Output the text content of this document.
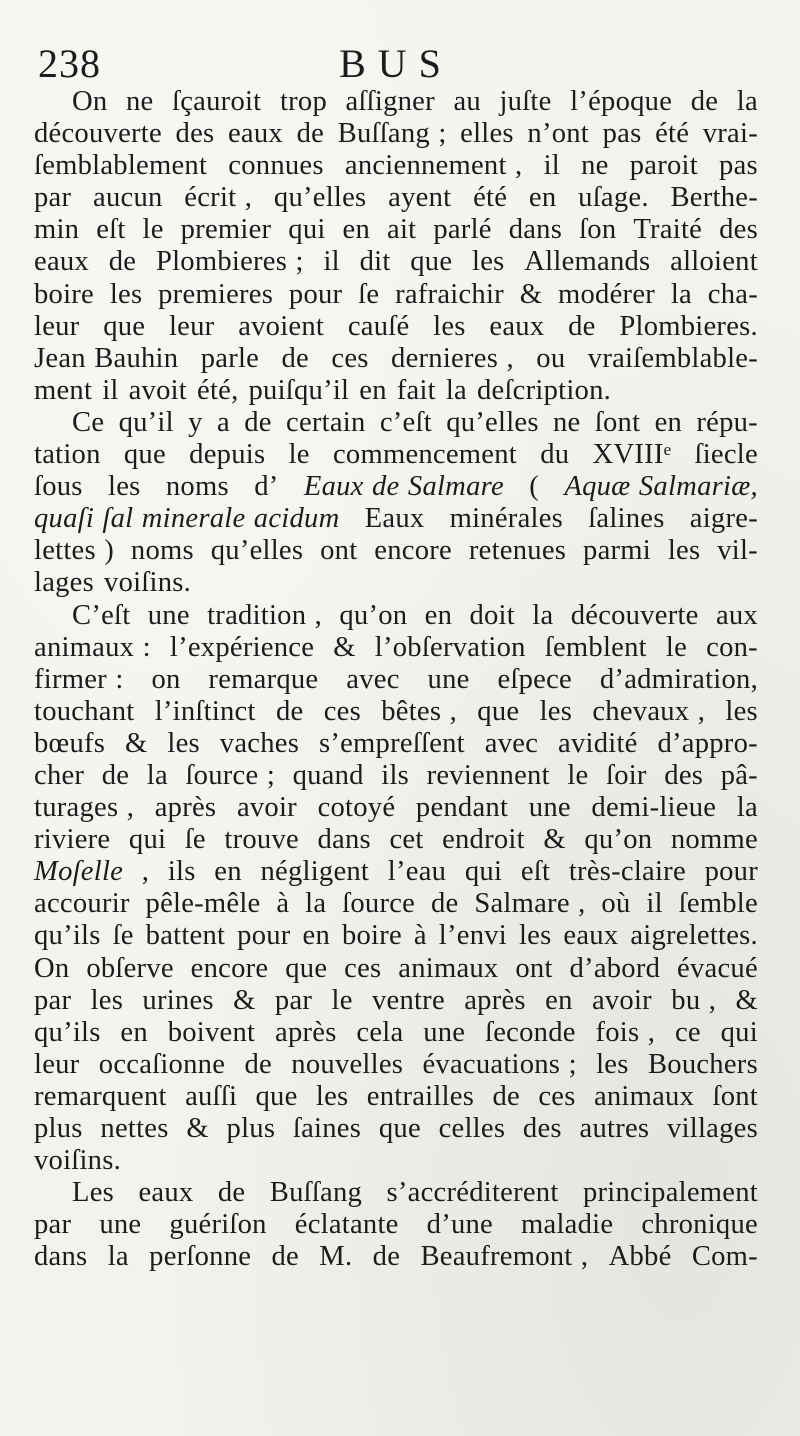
238	BUS
On ne ſçauroit trop aſſigner au juſte l’époque de la
découverte des eaux de Buſſang ; elles n’ont pas été vrai-
ſemblablement connues anciennement , il ne paroit pas
par aucun écrit , qu’elles ayent été en uſage. Berthe-
min eſt le premier qui en ait parlé dans ſon Traité des
eaux de Plombieres ; il dit que les Allemands alloient
boire les premieres pour ſe rafraichir & modérer la cha-
leur que leur avoient cauſé les eaux de Plombieres.
Jean Bauhin parle de ces dernieres , ou vraiſemblable-
ment il avoit été, puiſqu’il en fait la deſcription.
Ce qu’il y a de certain c’eſt qu’elles ne ſont en répu-
tation que depuis le commencement du XVIIIᵉ ſiecle
ſous les noms d’ Eaux de Salmare ( Aquæ Salmariæ,
quaſi ſal minerale acidum Eaux minérales ſalines aigre-
lettes ) noms qu’elles ont encore retenues parmi les vil-
lages voiſins.
C’eſt une tradition , qu’on en doit la découverte aux
animaux : l’expérience & l’obſervation ſemblent le con-
firmer : on remarque avec une eſpece d’admiration,
touchant l’inſtinct de ces bêtes , que les chevaux , les
bœufs & les vaches s’empreſſent avec avidité d’appro-
cher de la ſource ; quand ils reviennent le ſoir des pâ-
turages , après avoir cotoyé pendant une demi-lieue la
riviere qui ſe trouve dans cet endroit & qu’on nomme
Moſelle , ils en négligent l’eau qui eſt très-claire pour
accourir pêle-mêle à la ſource de Salmare , où il ſemble
qu’ils ſe battent pour en boire à l’envi les eaux aigrelettes.
On obſerve encore que ces animaux ont d’abord évacué
par les urines & par le ventre après en avoir bu , &
qu’ils en boivent après cela une ſeconde fois , ce qui
leur occaſionne de nouvelles évacuations ; les Bouchers
remarquent auſſi que les entrailles de ces animaux ſont
plus nettes & plus ſaines que celles des autres villages
voiſins.
Les eaux de Buſſang s’accréditerent principalement
par une guériſon éclatante d’une maladie chronique
dans la perſonne de M. de Beaufremont , Abbé Com-
